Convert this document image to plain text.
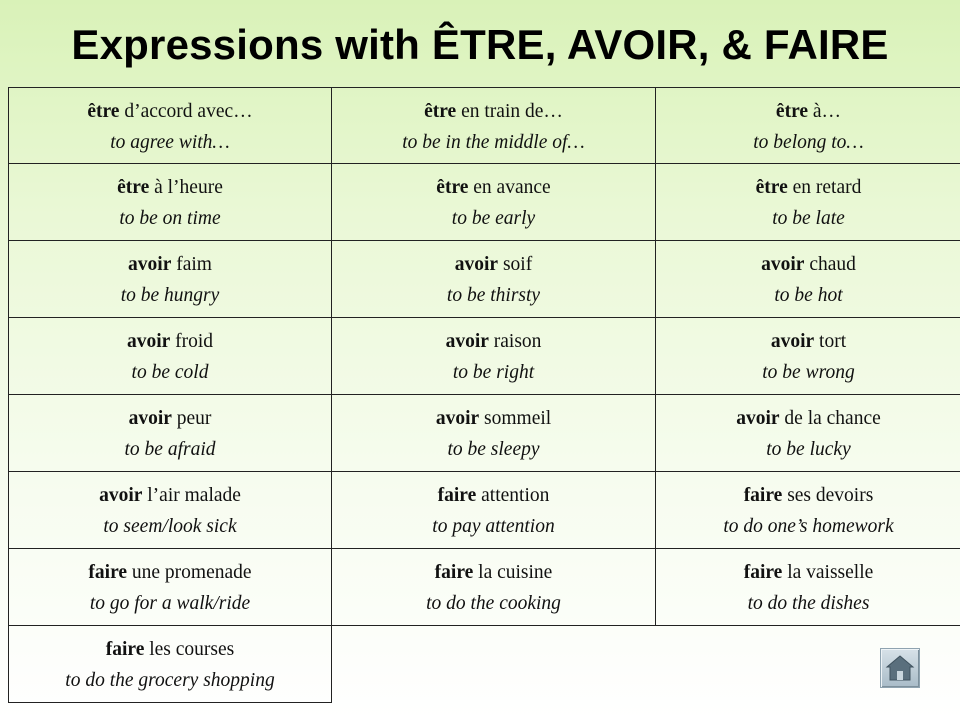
Expressions with ÊTRE, AVOIR, & FAIRE
être d’accord avec…
to agree with…
être en train de…
to be in the middle of…
être à…
to belong to…
être à l’heure
to be on time
être en avance
to be early
être en retard
to be late
avoir faim
to be hungry
avoir soif
to be thirsty
avoir chaud
to be hot
avoir froid
to be cold
avoir raison
to be right
avoir tort
to be wrong
avoir peur
to be afraid
avoir sommeil
to be sleepy
avoir de la chance
to be lucky
avoir l’air malade
to seem/look sick
faire attention
to pay attention
faire ses devoirs
to do one’s homework
faire une promenade
to go for a walk/ride
faire la cuisine
to do the cooking
faire la vaisselle
to do the dishes
faire les courses
to do the grocery shopping
